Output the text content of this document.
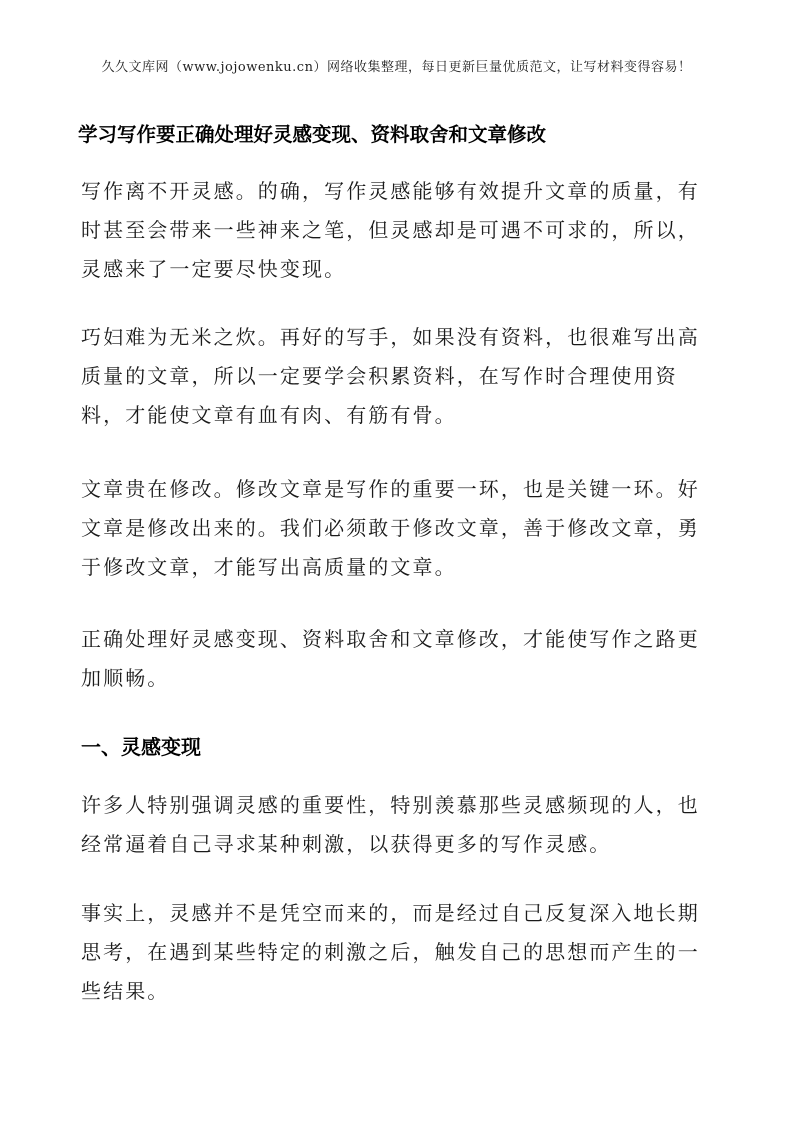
久久文库网（www.jojowenku.cn）网络收集整理，每日更新巨量优质范文，让写材料变得容易！
学习写作要正确处理好灵感变现、资料取舍和文章修改

写作离不开灵感。的确，写作灵感能够有效提升文章的质量，有时甚至会带来一些神来之笔，但灵感却是可遇不可求的，所以，灵感来了一定要尽快变现。

巧妇难为无米之炊。再好的写手，如果没有资料，也很难写出高质量的文章，所以一定要学会积累资料，在写作时合理使用资料，才能使文章有血有肉、有筋有骨。

文章贵在修改。修改文章是写作的重要一环，也是关键一环。好文章是修改出来的。我们必须敢于修改文章，善于修改文章，勇于修改文章，才能写出高质量的文章。

正确处理好灵感变现、资料取舍和文章修改，才能使写作之路更加顺畅。

一、灵感变现

许多人特别强调灵感的重要性，特别羡慕那些灵感频现的人，也经常逼着自己寻求某种刺激，以获得更多的写作灵感。

事实上，灵感并不是凭空而来的，而是经过自己反复深入地长期思考，在遇到某些特定的刺激之后，触发自己的思想而产生的一些结果。
